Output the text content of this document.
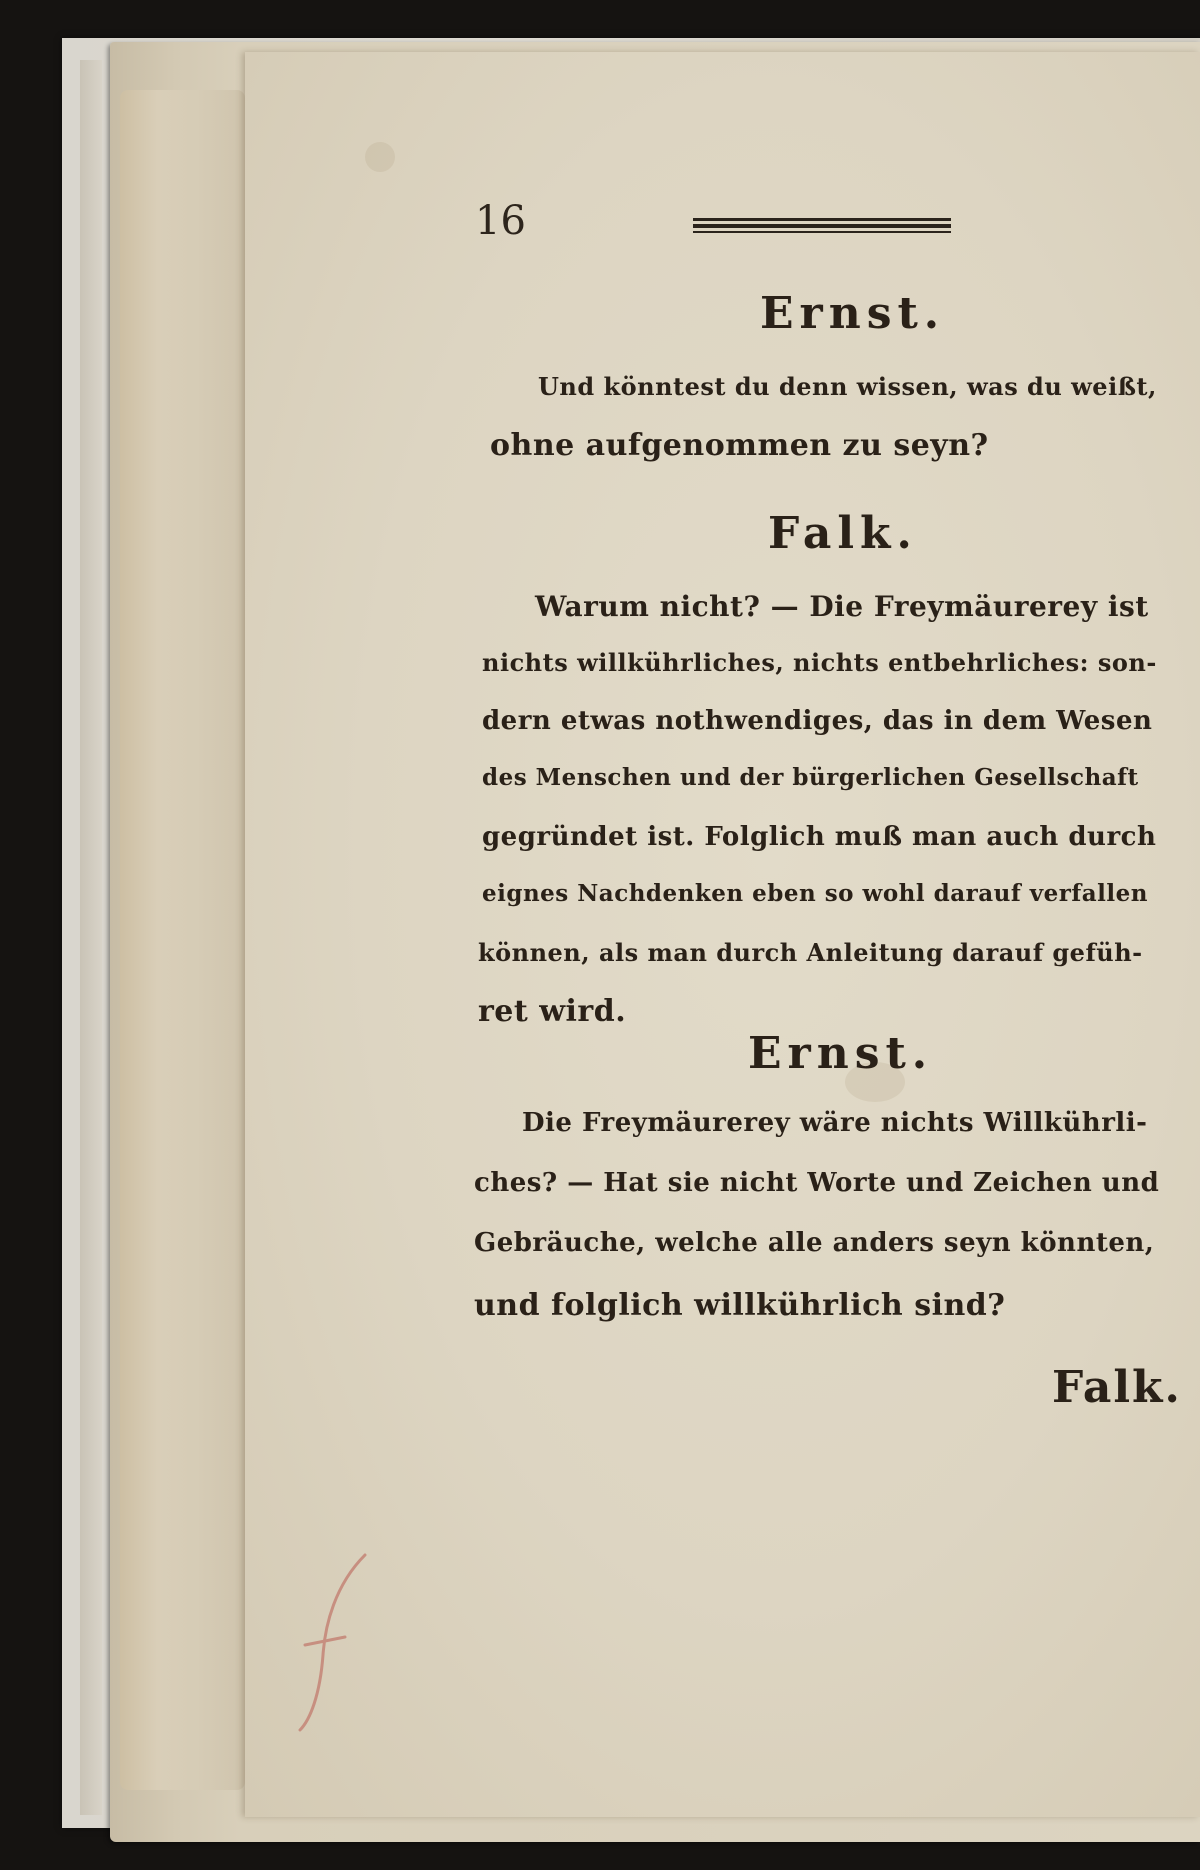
16
Ernst.
Und könntest du denn wissen, was du weißt,
ohne aufgenommen zu seyn?
Falk.
Warum nicht? — Die Freymäurerey ist
nichts willkührliches, nichts entbehrliches: son-
dern etwas nothwendiges, das in dem Wesen
des Menschen und der bürgerlichen Gesellschaft
gegründet ist. Folglich muß man auch durch
eignes Nachdenken eben so wohl darauf verfallen
können, als man durch Anleitung darauf gefüh-
ret wird.
Ernst.
Die Freymäurerey wäre nichts Willkührli-
ches? — Hat sie nicht Worte und Zeichen und
Gebräuche, welche alle anders seyn könnten,
und folglich willkührlich sind?
Falk.
